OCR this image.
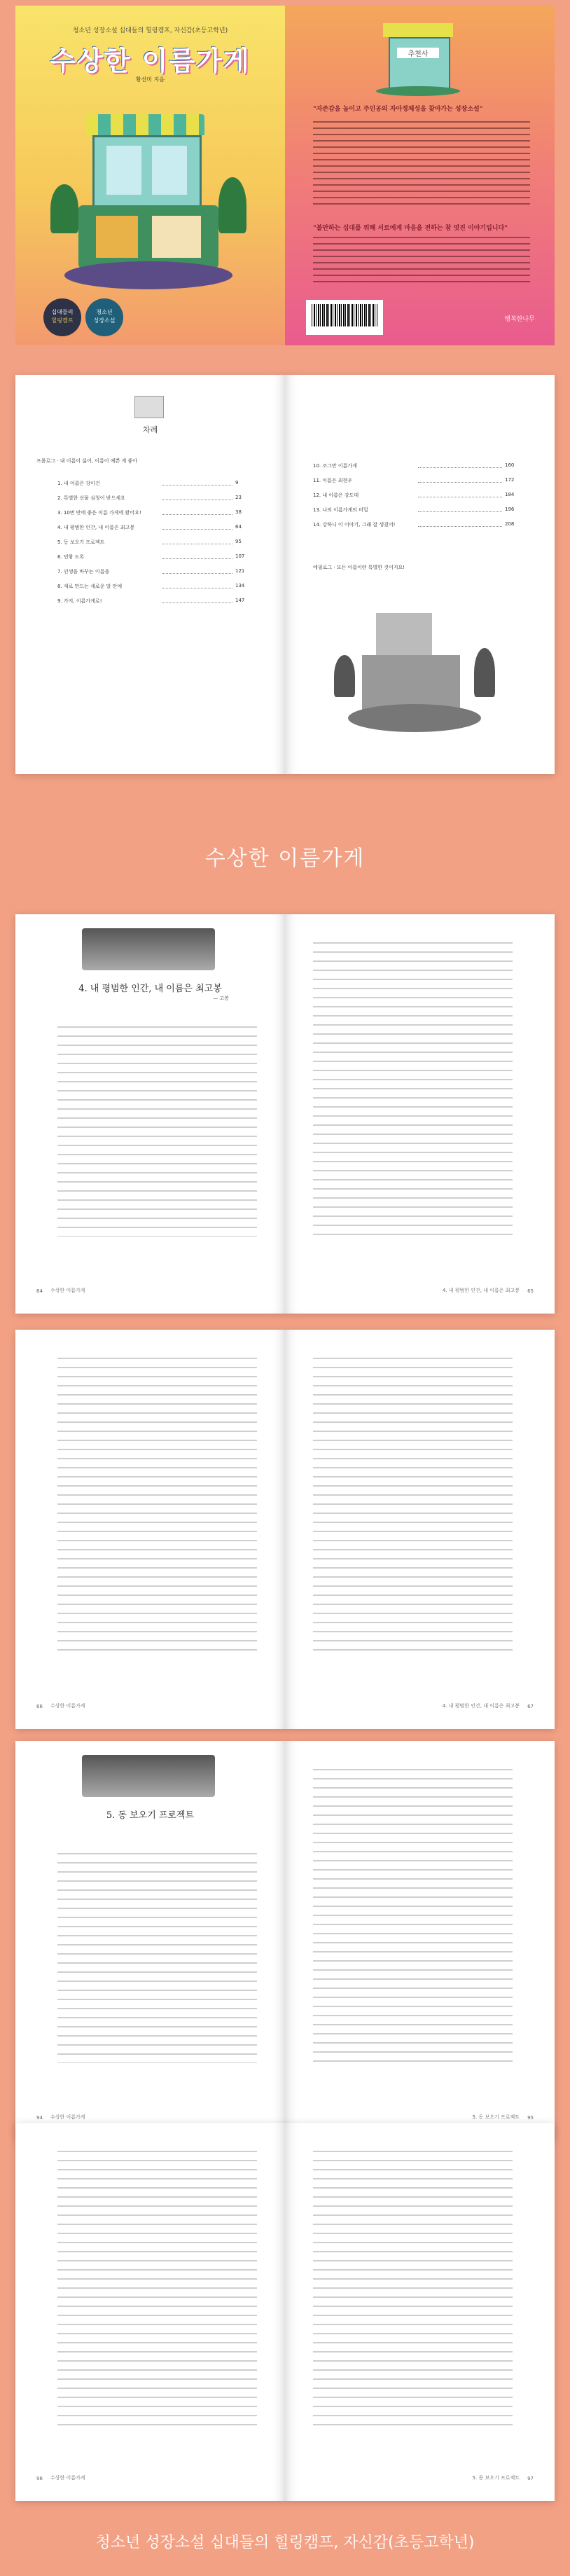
청소년 성장소설 십대들의 힐링캠프, 자신감(초등고학년)
수상한 이름가게
황선미 지음
십대들의
힐링캠프
청소년
성장소설
추천사
"자존감을 높이고 주인공의 자아정체성을 찾아가는 성장소설"
"불안하는 십대를 위해 서로에게 마음을 전하는 참 멋진 이야기입니다"
행복한나무
차례
프롤로그 · 내 이름이 싫어, 이름이 예쁜 게 좋아
1. 내 이름은 강이건	9
2. 특별한 선물 심청이 받으세요	23
3. 10번 만에 좋은 이름 가게에 왔어요!	38
4. 내 평범한 인간, 내 이름은 최고봉	64
5. 동 보오기 프로젝트	95
6. 민왕 도록	107
7. 인생을 바꾸는 이름을	121
8. 새로 만드는 새로운 말 안에	134
9. 가지, 이름가게로!	147
10. 조그만 이름가게	160
11. 이름은 최현우	172
12. 내 이름은 강도대	184
13. 나의 이름가게의 비밀	196
14. 강하니 이 이야기, 그래 잘 생겼어!	208
에필로그 · 모든 이름이란 특별한 것이지요!
수상한 이름가게
4. 내 평범한 인간, 내 이름은 최고봉
— 고봉
64 수상한 이름가게	4. 내 평범한 인간, 내 이름은 최고봉 65
66 수상한 이름가게	4. 내 평범한 인간, 내 이름은 최고봉 67
5. 동 보오기 프로젝트
94 수상한 이름가게	5. 동 보오기 프로젝트 95
96 수상한 이름가게	5. 동 보오기 프로젝트 97
청소년 성장소설 십대들의 힐링캠프, 자신감(초등고학년)
